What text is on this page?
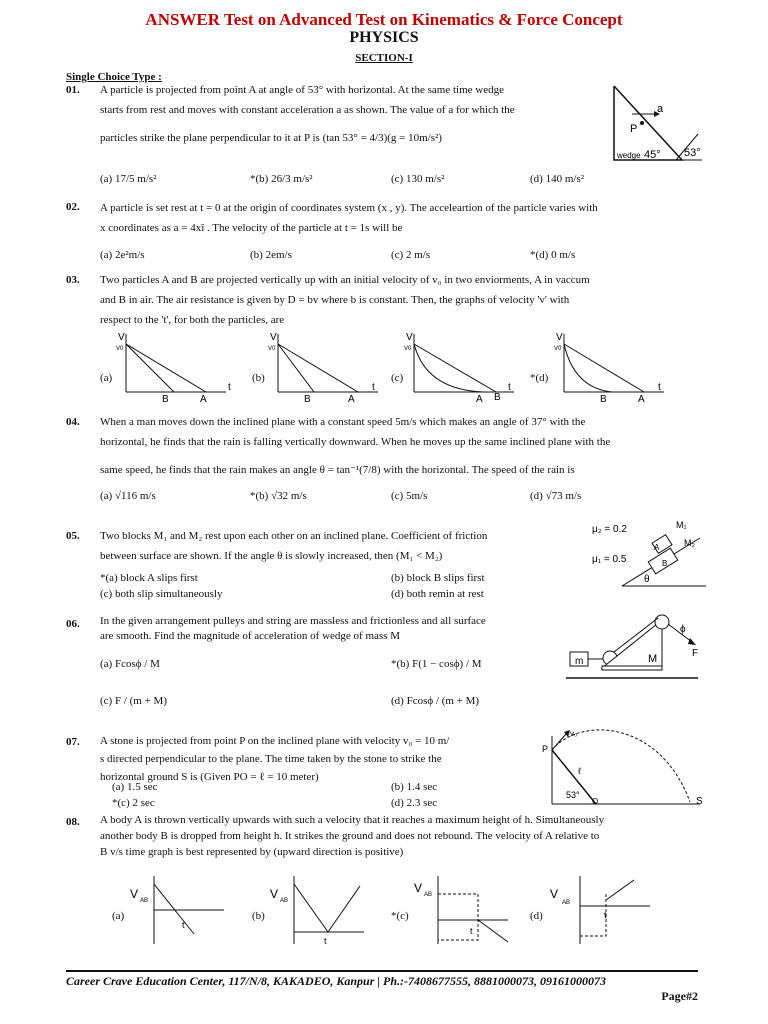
ANSWER Test on Advanced Test on Kinematics & Force Concept
PHYSICS
SECTION-I
Single Choice Type :
01. A particle is projected from point A at angle of 53° with horizontal. At the same time wedge
starts from rest and moves with constant acceleration a as shown. The value of a for which the
particles strike the plane perpendicular to it at P is (tan 53° = 4/3)(g = 10m/s²)
(a) 17/5 m/s²	*(b) 26/3 m/s²	(c) 130 m/s²	(d) 140 m/s²
a
P
wedge 45° 53°
02. A particle is set rest at t = 0 at the origin of coordinates system (x , y). The acceleartion of the particle varies with
x coordinates as a = 4xî . The velocity of the particle at t = 1s will be
(a) 2e²m/s	(b) 2em/s	(c) 2 m/s	*(d) 0 m/s
03. Two particles A and B are projected vertically up with an initial velocity of v₀ in two enviorments, A in vaccum
and B in air. The air resistance is given by D = bv where b is constant. Then, the graphs of velocity 'v' with
respect to the 't', for both the particles, are
(a)
V
V0
t
B	A
(b)
V
V0
t
B	A
(c)
V
V0
t
A B
*(d)
V
V0
t
B	A
04. When a man moves down the inclined plane with a constant speed 5m/s which makes an angle of 37° with the
horizontal, he finds that the rain is falling vertically downward. When he moves up the same inclined plane with the
same speed, he finds that the rain makes an angle θ = tan⁻¹(7/8) with the horizontal. The speed of the rain is
(a) √116 m/s	*(b) √32 m/s	(c) 5m/s	(d) √73 m/s
05. Two blocks M₁ and M₂ rest upon each other on an inclined plane. Coefficient of friction
between surface are shown. If the angle θ is slowly increased, then (M₁ < M₂)
*(a) block A slips first	(b) block B slips first
(c) both slip simultaneously	(d) both remin at rest
μ₂ = 0.2
μ₁ = 0.5
θ
A
B
M₁
M₂
06. In the given arrangement pulleys and string are massless and frictionless and all surface
are smooth. Find the magnitude of acceleration of wedge of mass M
(a) Fcosϕ / M	*(b) F(1 − cosϕ) / M
(c) F / (m + M)	(d) Fcosϕ / (m + M)
m	M
ϕ
F
07. A stone is projected from point P on the inclined plane with velocity v₀ = 10 m/
s directed perpendicular to the plane. The time taken by the stone to strike the
horizontal ground S is (Given PO = ℓ = 10 meter)
(a) 1.5 sec	(b) 1.4 sec
*(c) 2 sec	(d) 2.3 sec
v₀
P
ℓ
O
53°
S
08. A body A is thrown vertically upwards with such a velocity that it reaches a maximum height of h. Simultaneously
another body B is dropped from height h. It strikes the ground and does not rebound. The velocity of A relative to
B v/s time graph is best represented by (upward direction is positive)
(a)
V AB
t
(b)
V AB
t
*(c)
V AB
t
(d)
V
AB
t
Career Crave Education Center, 117/N/8, KAKADEO, Kanpur | Ph.:-7408677555, 8881000073, 09161000073
Page#2
